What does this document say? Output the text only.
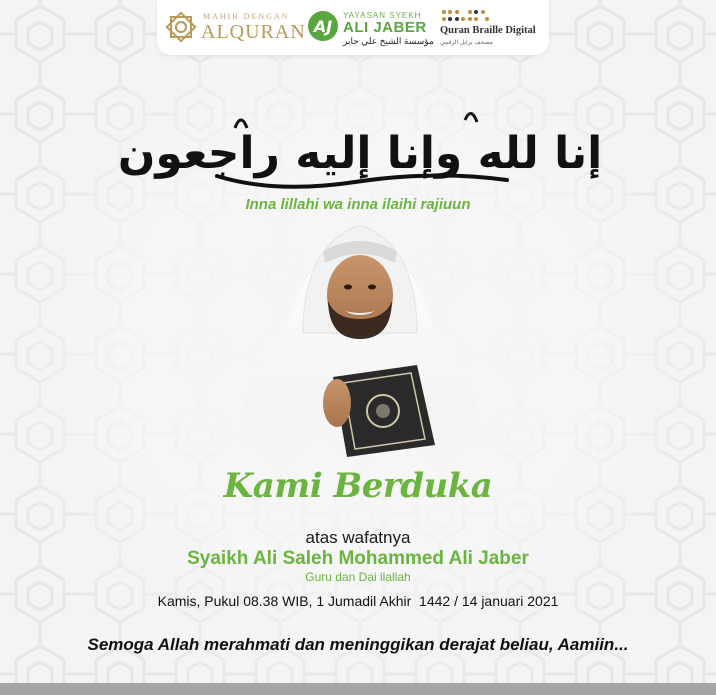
MAHIR DENGAN
ALQURAN AJ
YAYASAN SYEKH
ALI JABER
مؤسسة الشيخ علي جابر
Quran Braille Digital
مصحف برايل الرقمي
إنا لله وإنا إليه راجعون
Inna lillahi wa inna ilaihi rajiuun
Kami Berduka
atas wafatnya
Syaikh Ali Saleh Mohammed Ali Jaber
Guru dan Dai ilallah
Kamis, Pukul 08.38 WIB, 1 Jumadil Akhir  1442 / 14 januari 2021
Semoga Allah merahmati dan meninggikan derajat beliau, Aamiin...
